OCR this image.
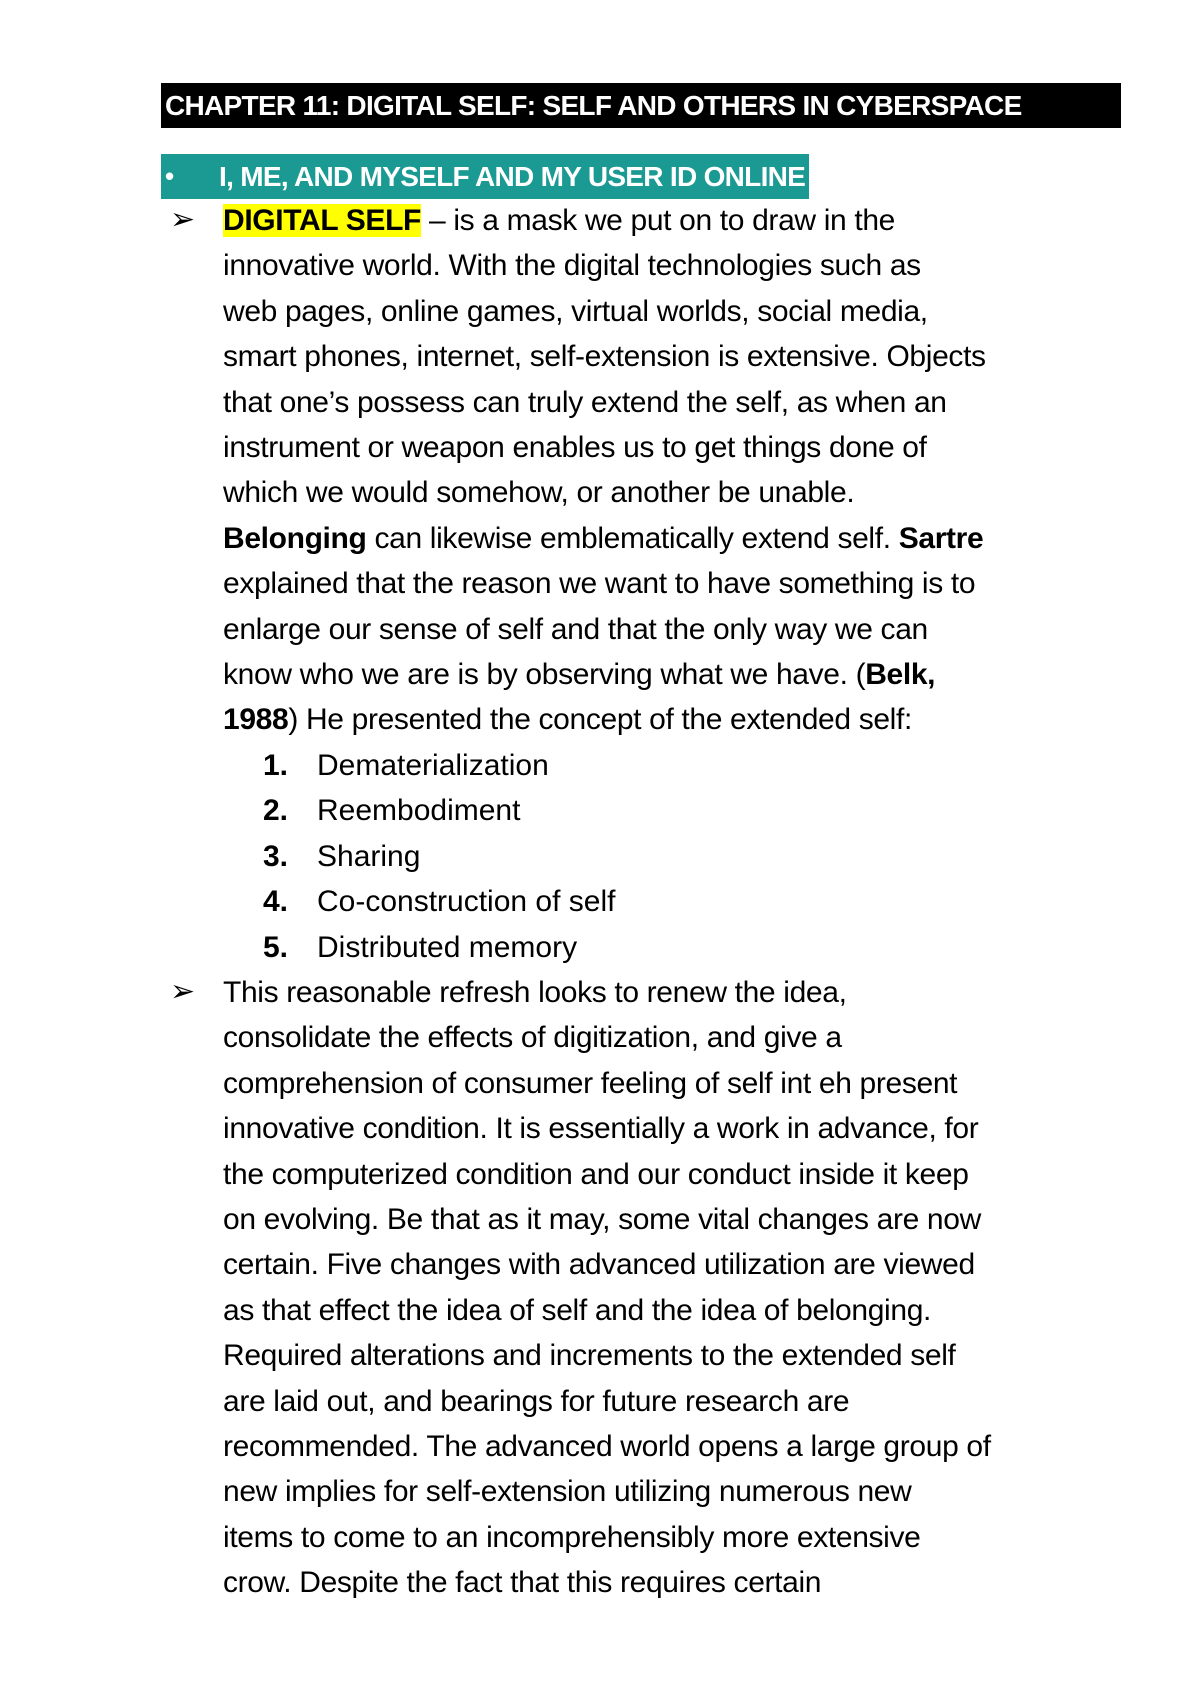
CHAPTER 11: DIGITAL SELF: SELF AND OTHERS IN CYBERSPACE
•	I, ME, AND MYSELF AND MY USER ID ONLINE
➢ DIGITAL SELF – is a mask we put on to draw in the
innovative world. With the digital technologies such as
web pages, online games, virtual worlds, social media,
smart phones, internet, self-extension is extensive. Objects
that one’s possess can truly extend the self, as when an
instrument or weapon enables us to get things done of
which we would somehow, or another be unable.
Belonging can likewise emblematically extend self. Sartre
explained that the reason we want to have something is to
enlarge our sense of self and that the only way we can
know who we are is by observing what we have. (Belk,
1988) He presented the concept of the extended self:
1. Dematerialization
2. Reembodiment
3. Sharing
4. Co-construction of self
5. Distributed memory
➢ This reasonable refresh looks to renew the idea,
consolidate the effects of digitization, and give a
comprehension of consumer feeling of self int eh present
innovative condition. It is essentially a work in advance, for
the computerized condition and our conduct inside it keep
on evolving. Be that as it may, some vital changes are now
certain. Five changes with advanced utilization are viewed
as that effect the idea of self and the idea of belonging.
Required alterations and increments to the extended self
are laid out, and bearings for future research are
recommended. The advanced world opens a large group of
new implies for self-extension utilizing numerous new
items to come to an incomprehensibly more extensive
crow. Despite the fact that this requires certain
